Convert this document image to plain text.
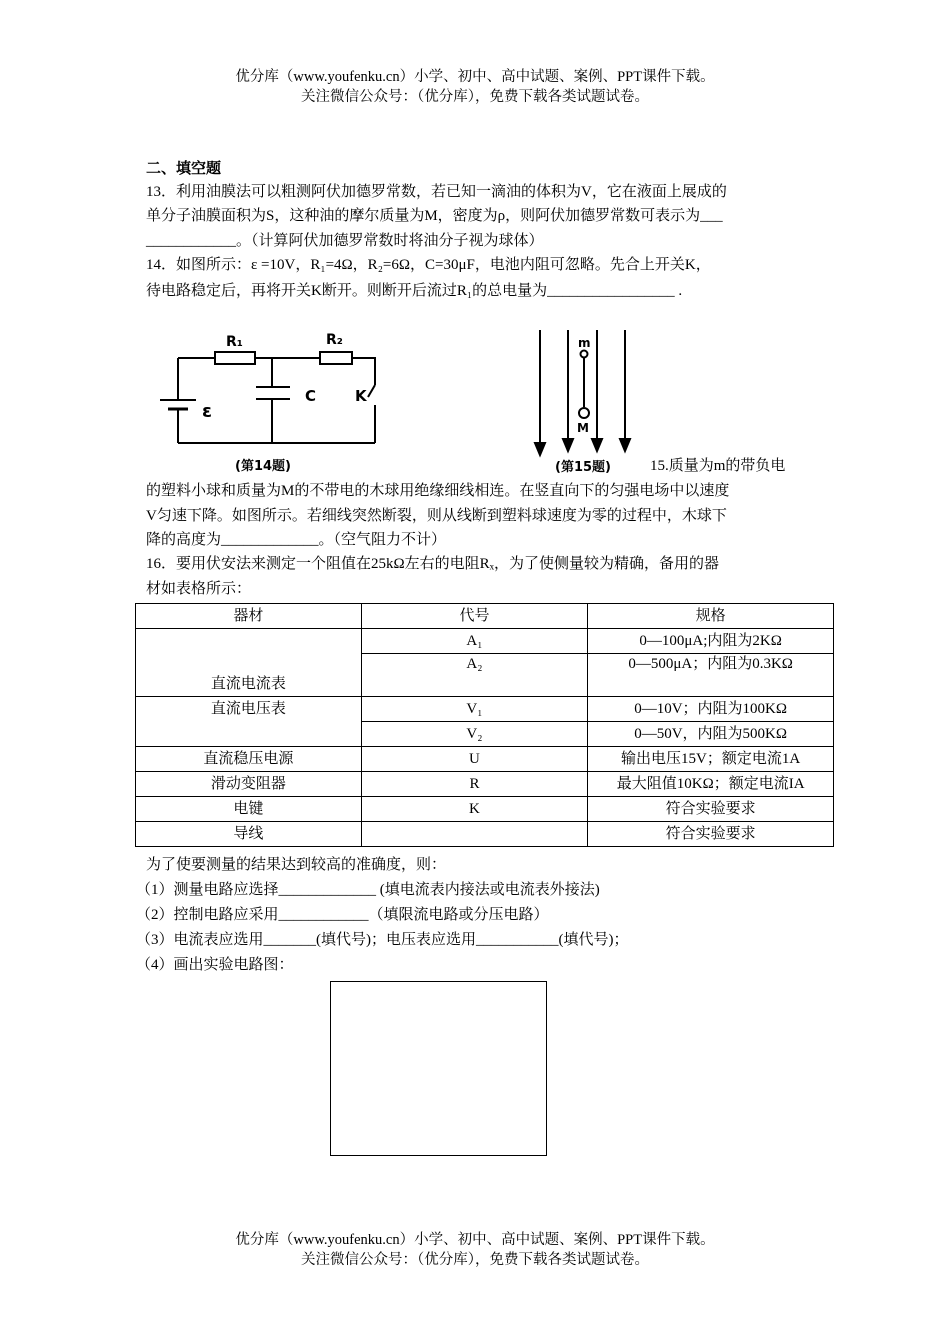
优分库（www.youfenku.cn）小学、初中、高中试题、案例、PPT课件下载。
关注微信公众号：（优分库），免费下载各类试题试卷。
二、填空题
13．利用油膜法可以粗测阿伏加德罗常数，若已知一滴油的体积为V，它在液面上展成的
单分子油膜面积为S，这种油的摩尔质量为M，密度为ρ，则阿伏加德罗常数可表示为___
____________。（计算阿伏加德罗常数时将油分子视为球体）
14．如图所示：ε =10V，R₁=4Ω，R₂=6Ω，C=30μF，电池内阻可忽略。先合上开关K，
待电路稳定后，再将开关K断开。则断开后流过R₁的总电量为_________________ .
R₁	R₂
C	K
ε
(第14题)
m
M
(第15题)	15.质量为m的带负电
的塑料小球和质量为M的不带电的木球用绝缘细线相连。在竖直向下的匀强电场中以速度
V匀速下降。如图所示。若细线突然断裂，则从线断到塑料球速度为零的过程中，木球下
降的高度为_____________。（空气阻力不计）
16．要用伏安法来测定一个阻值在25kΩ左右的电阻Rₓ，为了使侧量较为精确，备用的器
材如表格所示：
器材	代号	规格
直流电流表	A₁	0—100μA;内阻为2KΩ
	A₂	0—500μA；内阻为0.3KΩ
直流电压表	V₁	0—10V；内阻为100KΩ
	V₂	0—50V，内阻为500KΩ
直流稳压电源	U	输出电压15V；额定电流1A
滑动变阻器	R	最大阻值10KΩ；额定电流IA
电键	K	符合实验要求
导线		符合实验要求
为了使要测量的结果达到较高的准确度，则：
（1）测量电路应选择_____________ (填电流表内接法或电流表外接法)
（2）控制电路应采用____________（填限流电路或分压电路）
（3）电流表应选用_______(填代号)；电压表应选用___________(填代号)；
（4）画出实验电路图：
优分库（www.youfenku.cn）小学、初中、高中试题、案例、PPT课件下载。
关注微信公众号：（优分库），免费下载各类试题试卷。
